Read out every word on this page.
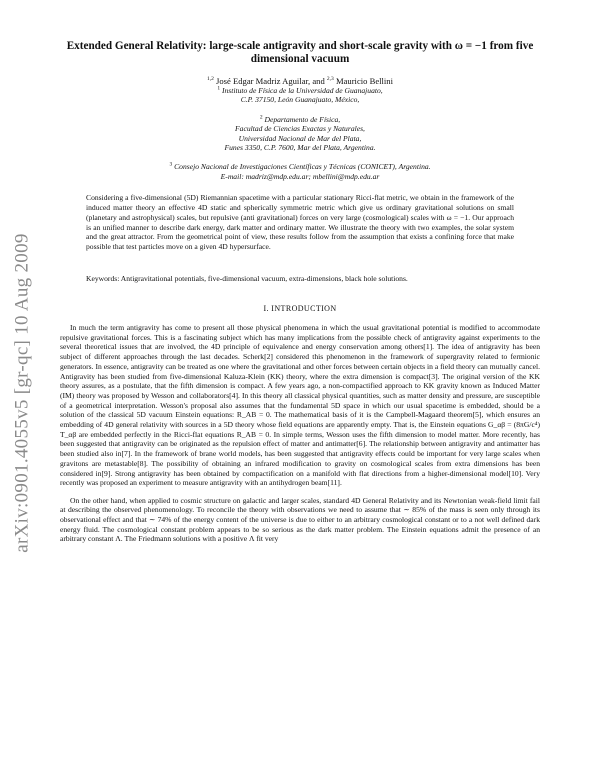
arXiv:0901.4055v5 [gr-qc] 10 Aug 2009
Extended General Relativity: large-scale antigravity and short-scale gravity with ω = −1 from five dimensional vacuum
$^{1,2}$ José Edgar Madriz Aguilar, and $^{2,3}$ Mauricio Bellini
$^1$ Instituto de Física de la Universidad de Guanajuato,
C.P. 37150, León Guanajuato, México,
$^2$ Departamento de Física,
Facultad de Ciencias Exactas y Naturales,
Universidad Nacional de Mar del Plata,
Funes 3350, C.P. 7600, Mar del Plata, Argentina.
$^3$ Consejo Nacional de Investigaciones Científicas y Técnicas (CONICET), Argentina.
E-mail: madriz@mdp.edu.ar; mbellini@mdp.edu.ar

Considering a five-dimensional (5D) Riemannian spacetime with a particular stationary Ricci-flat metric, we obtain in the framework of the induced matter theory an effective 4D static and spherically symmetric metric which give us ordinary gravitational solutions on small (planetary and astrophysical) scales, but repulsive (anti gravitational) forces on very large (cosmological) scales with ω = −1. Our approach is an unified manner to describe dark energy, dark matter and ordinary matter. We illustrate the theory with two examples, the solar system and the great attractor. From the geometrical point of view, these results follow from the assumption that exists a confining force that make possible that test particles move on a given 4D hypersurface.

Keywords: Antigravitational potentials, five-dimensional vacuum, extra-dimensions, black hole solutions.

I. INTRODUCTION

In much the term antigravity has come to present all those physical phenomena in which the usual gravitational potential is modified to accommodate repulsive gravitational forces. This is a fascinating subject which has many implications from the possible check of antigravity against experiments to the several theoretical issues that are involved, the 4D principle of equivalence and energy conservation among others[1]. The idea of antigravity has been subject of different approaches through the last decades. Scherk[2] considered this phenomenon in the framework of supergravity related to fermionic generators. In essence, antigravity can be treated as one where the gravitational and other forces between certain objects in a field theory can mutually cancel. Antigravity has been studied from five-dimensional Kaluza-Klein (KK) theory, where the extra dimension is compact[3]. The original version of the KK theory assures, as a postulate, that the fifth dimension is compact. A few years ago, a non-compactified approach to KK gravity known as Induced Matter (IM) theory was proposed by Wesson and collaborators[4]. In this theory all classical physical quantities, such as matter density and pressure, are susceptible of a geometrical interpretation. Wesson's proposal also assumes that the fundamental 5D space in which our usual spacetime is embedded, should be a solution of the classical 5D vacuum Einstein equations: R_AB = 0. The mathematical basis of it is the Campbell-Magaard theorem[5], which ensures an embedding of 4D general relativity with sources in a 5D theory whose field equations are apparently empty. That is, the Einstein equations G_αβ = (8πG/c⁴) T_αβ are embedded perfectly in the Ricci-flat equations R_AB = 0. In simple terms, Wesson uses the fifth dimension to model matter. More recently, has been suggested that antigravity can be originated as the repulsion effect of matter and antimatter[6]. The relationship between antigravity and antimatter has been studied also in[7]. In the framework of brane world models, has been suggested that antigravity effects could be important for very large scales when gravitons are metastable[8]. The possibility of obtaining an infrared modification to gravity on cosmological scales from extra dimensions has been considered in[9]. Strong antigravity has been obtained by compactification on a manifold with flat directions from a higher-dimensional model[10]. Very recently was proposed an experiment to measure antigravity with an antihydrogen beam[11].

On the other hand, when applied to cosmic structure on galactic and larger scales, standard 4D General Relativity and its Newtonian weak-field limit fail at describing the observed phenomenology. To reconcile the theory with observations we need to assume that ∼ 85% of the mass is seen only through its observational effect and that ∼ 74% of the energy content of the universe is due to either to an arbitrary cosmological constant or to a not well defined dark energy fluid. The cosmological constant problem appears to be so serious as the dark matter problem. The Einstein equations admit the presence of an arbitrary constant Λ. The Friedmann solutions with a positive Λ fit very
